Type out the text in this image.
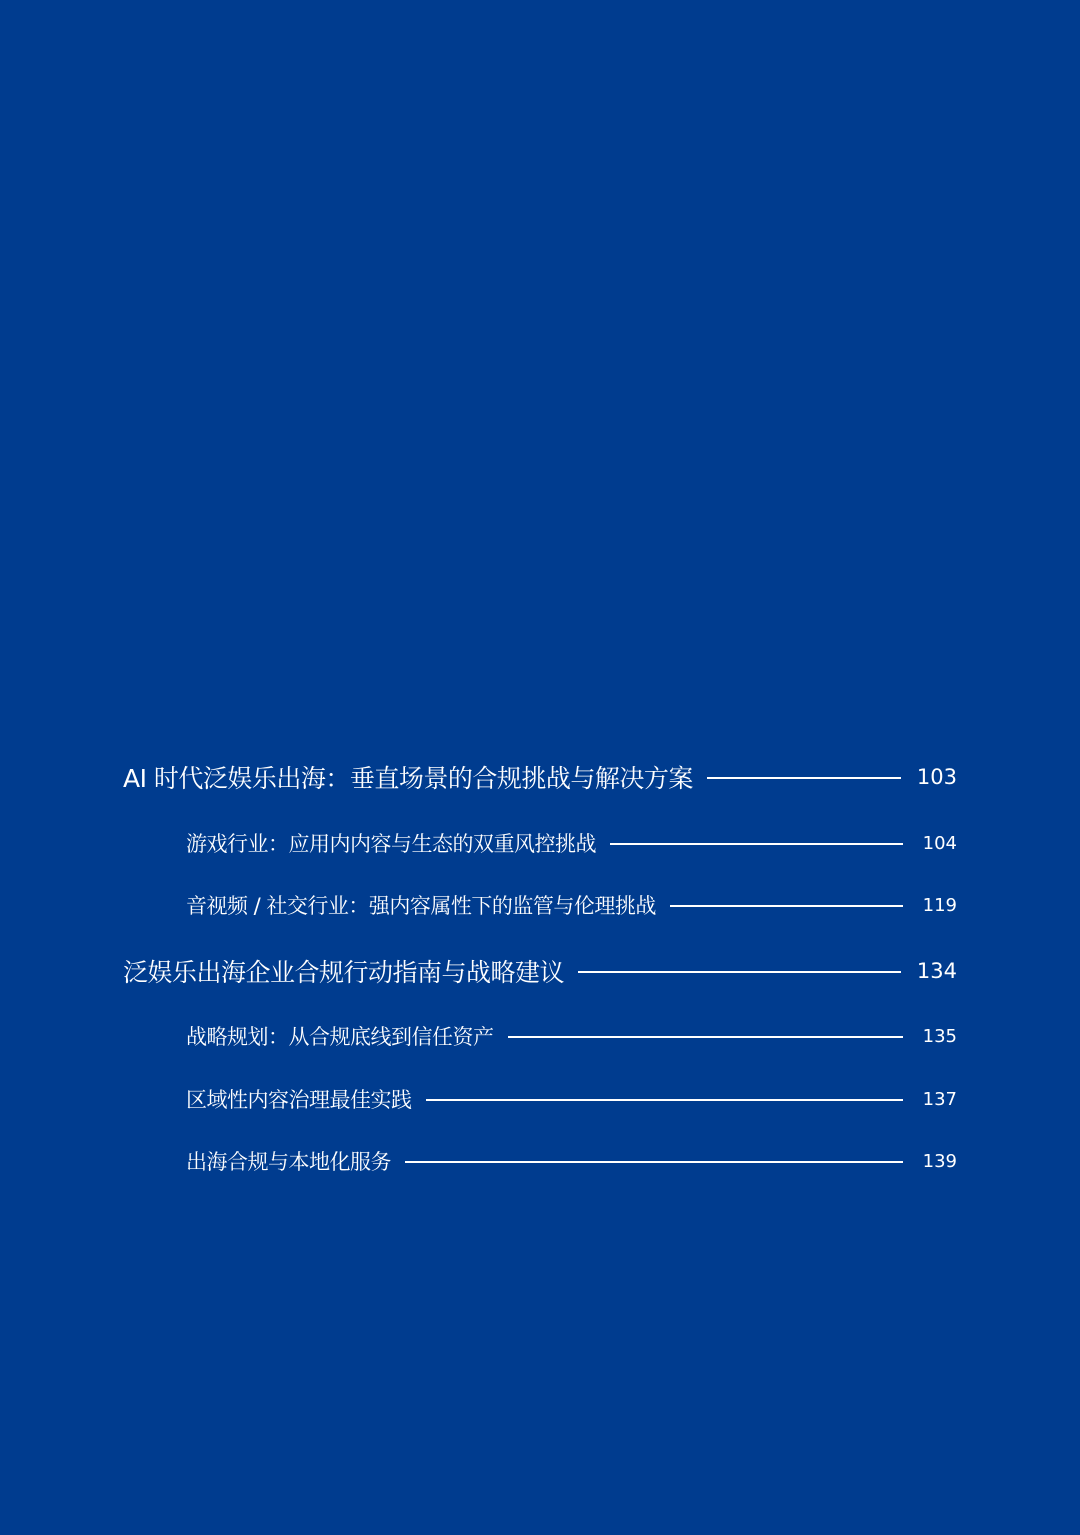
AI 时代泛娱乐出海：垂直场景的合规挑战与解决方案	103
游戏行业：应用内内容与生态的双重风控挑战	104
音视频 / 社交行业：强内容属性下的监管与伦理挑战	119
泛娱乐出海企业合规行动指南与战略建议	134
战略规划：从合规底线到信任资产	135
区域性内容治理最佳实践	137
出海合规与本地化服务	139
